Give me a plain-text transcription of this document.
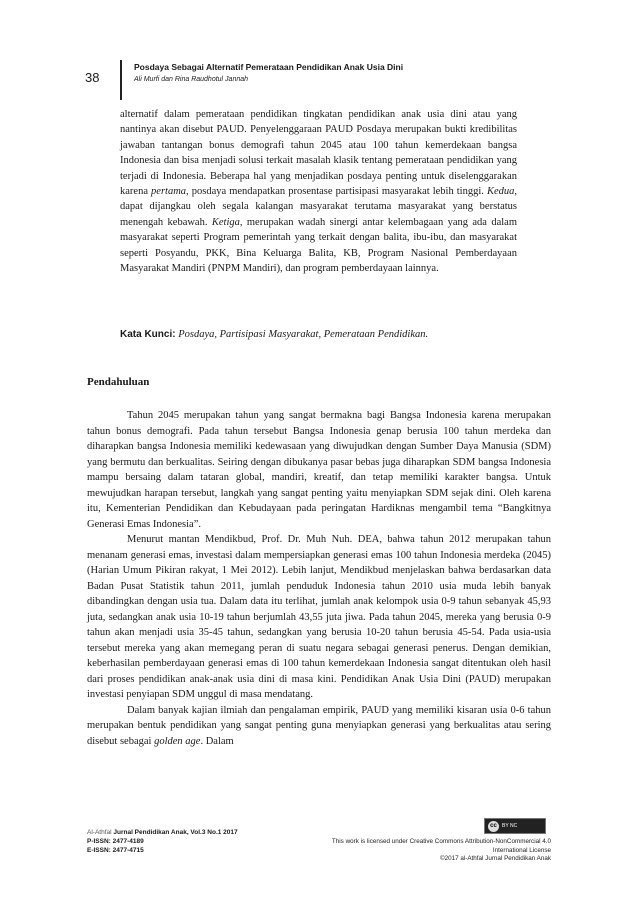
38
Posdaya Sebagai Alternatif Pemerataan Pendidikan Anak Usia Dini
Ali Murfi dan Rina Raudhotul Jannah
alternatif dalam pemerataan pendidikan tingkatan pendidikan anak usia dini atau yang nantinya akan disebut PAUD. Penyelenggaraan PAUD Posdaya merupakan bukti kredibilitas jawaban tantangan bonus demografi tahun 2045 atau 100 tahun kemerdekaan bangsa Indonesia dan bisa menjadi solusi terkait masalah klasik tentang pemerataan pendidikan yang terjadi di Indonesia. Beberapa hal yang menjadikan posdaya penting untuk diselenggarakan karena pertama, posdaya mendapatkan prosentase partisipasi masyarakat lebih tinggi. Kedua, dapat dijangkau oleh segala kalangan masyarakat terutama masyarakat yang berstatus menengah kebawah. Ketiga, merupakan wadah sinergi antar kelembagaan yang ada dalam masyarakat seperti Program pemerintah yang terkait dengan balita, ibu-ibu, dan masyarakat seperti Posyandu, PKK, Bina Keluarga Balita, KB, Program Nasional Pemberdayaan Masyarakat Mandiri (PNPM Mandiri), dan program pemberdayaan lainnya.
Kata Kunci: Posdaya, Partisipasi Masyarakat, Pemerataan Pendidikan.
Pendahuluan

Tahun 2045 merupakan tahun yang sangat bermakna bagi Bangsa Indonesia karena merupakan tahun bonus demografi. Pada tahun tersebut Bangsa Indonesia genap berusia 100 tahun merdeka dan diharapkan bangsa Indonesia memiliki kedewasaan yang diwujudkan dengan Sumber Daya Manusia (SDM) yang bermutu dan berkualitas. Seiring dengan dibukanya pasar bebas juga diharapkan SDM bangsa Indonesia mampu bersaing dalam tataran global, mandiri, kreatif, dan tetap memiliki karakter bangsa. Untuk mewujudkan harapan tersebut, langkah yang sangat penting yaitu menyiapkan SDM sejak dini. Oleh karena itu, Kementerian Pendidikan dan Kebudayaan pada peringatan Hardiknas mengambil tema “Bangkitnya Generasi Emas Indonesia”.

Menurut mantan Mendikbud, Prof. Dr. Muh Nuh. DEA, bahwa tahun 2012 merupakan tahun menanam generasi emas, investasi dalam mempersiapkan generasi emas 100 tahun Indonesia merdeka (2045) (Harian Umum Pikiran rakyat, 1 Mei 2012). Lebih lanjut, Mendikbud menjelaskan bahwa berdasarkan data Badan Pusat Statistik tahun 2011, jumlah penduduk Indonesia tahun 2010 usia muda lebih banyak dibandingkan dengan usia tua. Dalam data itu terlihat, jumlah anak kelompok usia 0-9 tahun sebanyak 45,93 juta, sedangkan anak usia 10-19 tahun berjumlah 43,55 juta jiwa. Pada tahun 2045, mereka yang berusia 0-9 tahun akan menjadi usia 35-45 tahun, sedangkan yang berusia 10-20 tahun berusia 45-54. Pada usia-usia tersebut mereka yang akan memegang peran di suatu negara sebagai generasi penerus. Dengan demikian, keberhasilan pemberdayaan generasi emas di 100 tahun kemerdekaan Indonesia sangat ditentukan oleh hasil dari proses pendidikan anak-anak usia dini di masa kini. Pendidikan Anak Usia Dini (PAUD) merupakan investasi penyiapan SDM unggul di masa mendatang.

Dalam banyak kajian ilmiah dan pengalaman empirik, PAUD yang memiliki kisaran usia 0-6 tahun merupakan bentuk pendidikan yang sangat penting guna menyiapkan generasi yang berkualitas atau sering disebut sebagai golden age. Dalam

Al-Athfal Jurnal Pendidikan Anak, Vol.3 No.1 2017
P-ISSN: 2477-4189
E-ISSN: 2477-4715
cc	BY NC
This work is licensed under Creative Commons Attribution-NonCommercial 4.0
International License
©2017 al-Athfal Jurnal Pendidikan Anak
